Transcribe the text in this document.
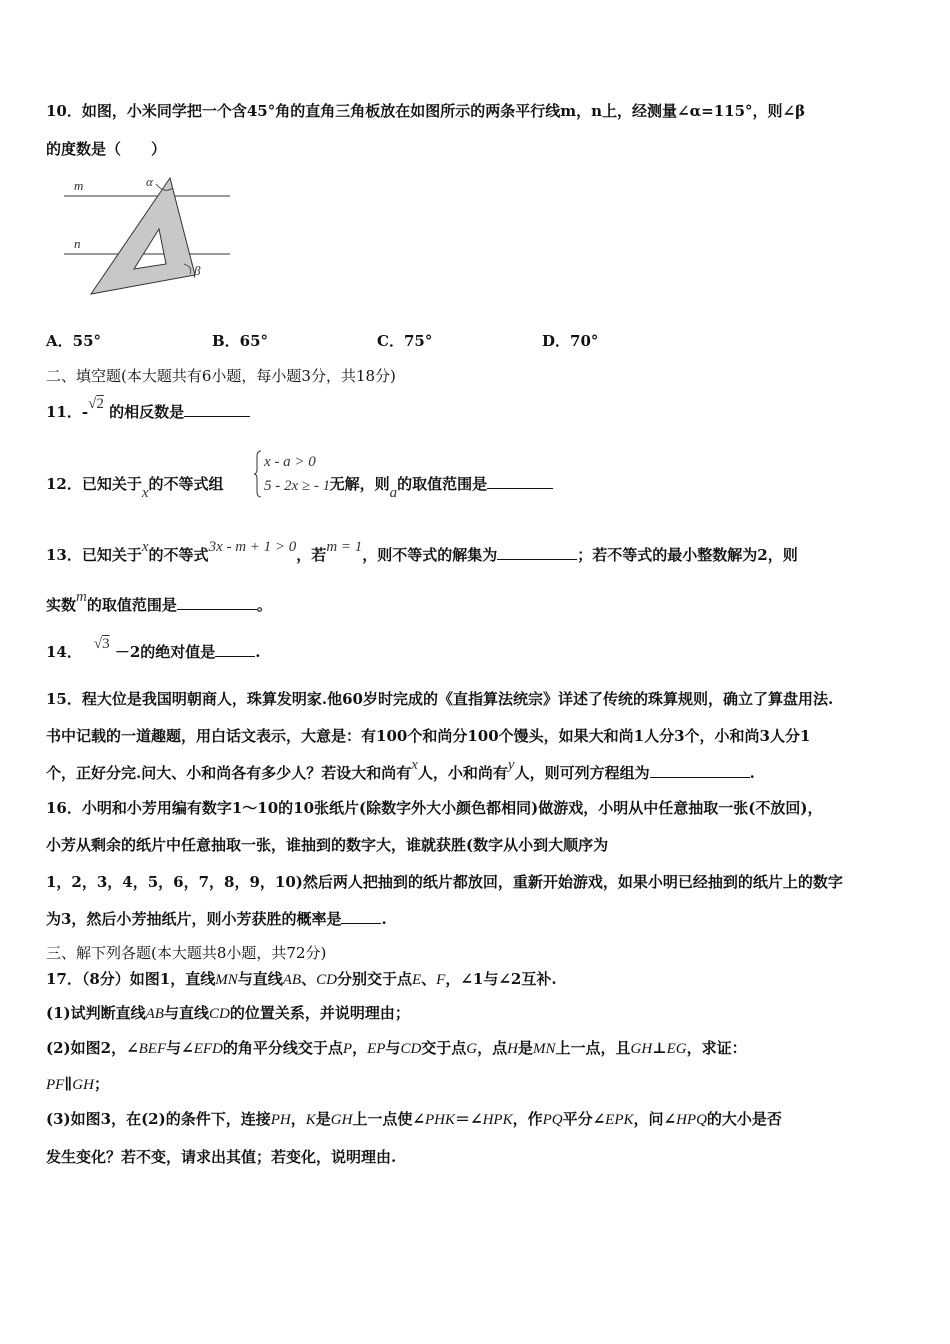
10．如图，小米同学把一个含45°角的直角三角板放在如图所示的两条平行线m，n上，经测量∠α=115°，则∠β
的度数是（　　）
m
n
α
β
A．55°	B．65°	C．75°	D．70°
二、填空题(本大题共有6小题，每小题3分，共18分)
11．-√2 的相反数是
x - a > 0
5 - 2x ≥ - 1
12．已知关于x的不等式组	无解，则a的取值范围是
13．已知关于x的不等式3x - m + 1 > 0，若m = 1，则不等式的解集为	；若不等式的最小整数解为2，则
实数m的取值范围是	。
14． √3 －2的绝对值是	.
15．程大位是我国明朝商人，珠算发明家.他60岁时完成的《直指算法统宗》详述了传统的珠算规则，确立了算盘用法.
书中记载的一道趣题，用白话文表示，大意是：有100个和尚分100个馒头，如果大和尚1人分3个，小和尚3人分1
个，正好分完.问大、小和尚各有多少人？若设大和尚有x人，小和尚有y人，则可列方程组为	.
16．小明和小芳用编有数字1～10的10张纸片(除数字外大小颜色都相同)做游戏，小明从中任意抽取一张(不放回)，
小芳从剩余的纸片中任意抽取一张，谁抽到的数字大，谁就获胜(数字从小到大顺序为
1，2，3，4，5，6，7，8，9，10)然后两人把抽到的纸片都放回，重新开始游戏，如果小明已经抽到的纸片上的数字
为3，然后小芳抽纸片，则小芳获胜的概率是	.
三、解下列各题(本大题共8小题，共72分)
17．（8分）如图1，直线MN与直线AB、CD分别交于点E、F，∠1与∠2互补.
(1)试判断直线AB与直线CD的位置关系，并说明理由；
(2)如图2，∠BEF与∠EFD的角平分线交于点P，EP与CD交于点G，点H是MN上一点，且GH⊥EG，求证：
PF∥GH；
(3)如图3，在(2)的条件下，连接PH，K是GH上一点使∠PHK＝∠HPK，作PQ平分∠EPK，问∠HPQ的大小是否
发生变化？若不变，请求出其值；若变化，说明理由.
